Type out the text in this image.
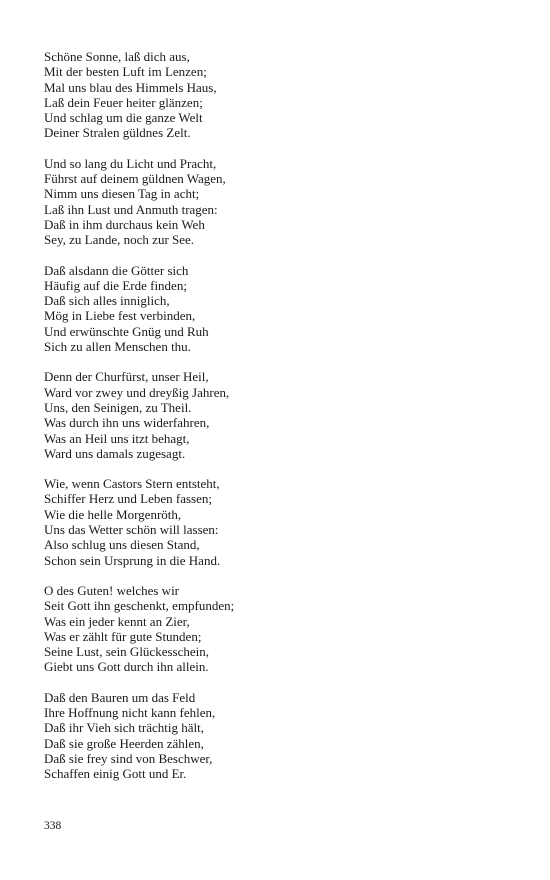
Schöne Sonne, laß dich aus,
Mit der besten Luft im Lenzen;
Mal uns blau des Himmels Haus,
Laß dein Feuer heiter glänzen;
Und schlag um die ganze Welt
Deiner Stralen güldnes Zelt.
Und so lang du Licht und Pracht,
Führst auf deinem güldnen Wagen,
Nimm uns diesen Tag in acht;
Laß ihn Lust und Anmuth tragen:
Daß in ihm durchaus kein Weh
Sey, zu Lande, noch zur See.
Daß alsdann die Götter sich
Häufig auf die Erde finden;
Daß sich alles inniglich,
Mög in Liebe fest verbinden,
Und erwünschte Gnüg und Ruh
Sich zu allen Menschen thu.
Denn der Churfürst, unser Heil,
Ward vor zwey und dreyßig Jahren,
Uns, den Seinigen, zu Theil.
Was durch ihn uns widerfahren,
Was an Heil uns itzt behagt,
Ward uns damals zugesagt.
Wie, wenn Castors Stern entsteht,
Schiffer Herz und Leben fassen;
Wie die helle Morgenröth,
Uns das Wetter schön will lassen:
Also schlug uns diesen Stand,
Schon sein Ursprung in die Hand.
O des Guten! welches wir
Seit Gott ihn geschenkt, empfunden;
Was ein jeder kennt an Zier,
Was er zählt für gute Stunden;
Seine Lust, sein Glückesschein,
Giebt uns Gott durch ihn allein.
Daß den Bauren um das Feld
Ihre Hoffnung nicht kann fehlen,
Daß ihr Vieh sich trächtig hält,
Daß sie große Heerden zählen,
Daß sie frey sind von Beschwer,
Schaffen einig Gott und Er.
338
